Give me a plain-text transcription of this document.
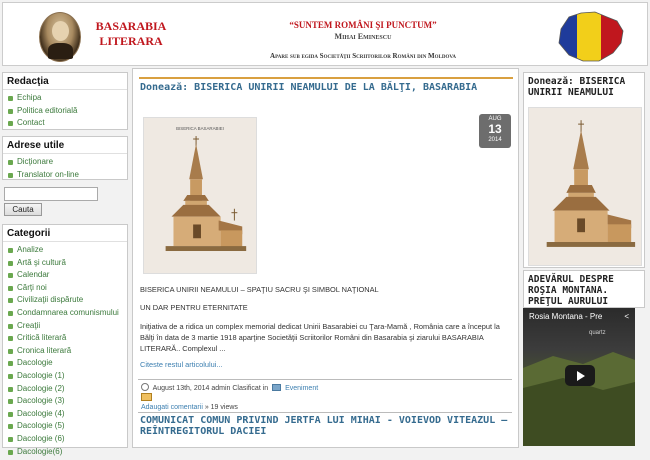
BASARABIA
LITERARA
“SUNTEM ROMÂNI ŞI PUNCTUM”
Mihai Eminescu
Apare sub egida Societăţii Scriitorilor Români din Moldova
Redacţia
Echipa
Politica editorială
Contact
Adrese utile
Dicţionare
Translator on-line
Cauta
Categorii
Analize
Artă şi cultură
Calendar
Cărţi noi
Civilizaţii dispărute
Condamnarea comunismului
Creaţii
Critică literară
Cronica literară
Dacologie
Dacologie (1)
Dacologie (2)
Dacologie (3)
Dacologie (4)
Dacologie (5)
Dacologie (6)
Dacologie(6)
Donează: BISERICA UNIRII NEAMULUI DE LA BĂLŢI, BASARABIA
BISERICA BASARABIEI
AUG
13
2014
BISERICA UNIRII NEAMULUI – SPAŢIU SACRU ŞI SIMBOL NAŢIONAL
UN DAR PENTRU ETERNITATE
Iniţiativa de a ridica un complex memorial dedicat Unirii Basarabiei cu Ţara-Mamă , România care a început la Bălţi în data de 3 martie 1918 aparţine Societăţii Scriitorilor Români din Basarabia şi ziarului BASARABIA LITERARĂ.. Complexul ...
Citeste restul articolului...
August 13th, 2014 admin Clasificat in Eveniment
Adaugati comentarii » 19 views
COMUNICAT COMUN PRIVIND JERTFA LUI MIHAI - VOIEVOD VITEAZUL – REÎNTREGITORUL DACIEI
Donează: BISERICA UNIRII NEAMULUI
ADEVĂRUL DESPRE ROŞIA MONTANA. PREŢUL AURULUI
quartz
Rosia Montana - Pre	<
